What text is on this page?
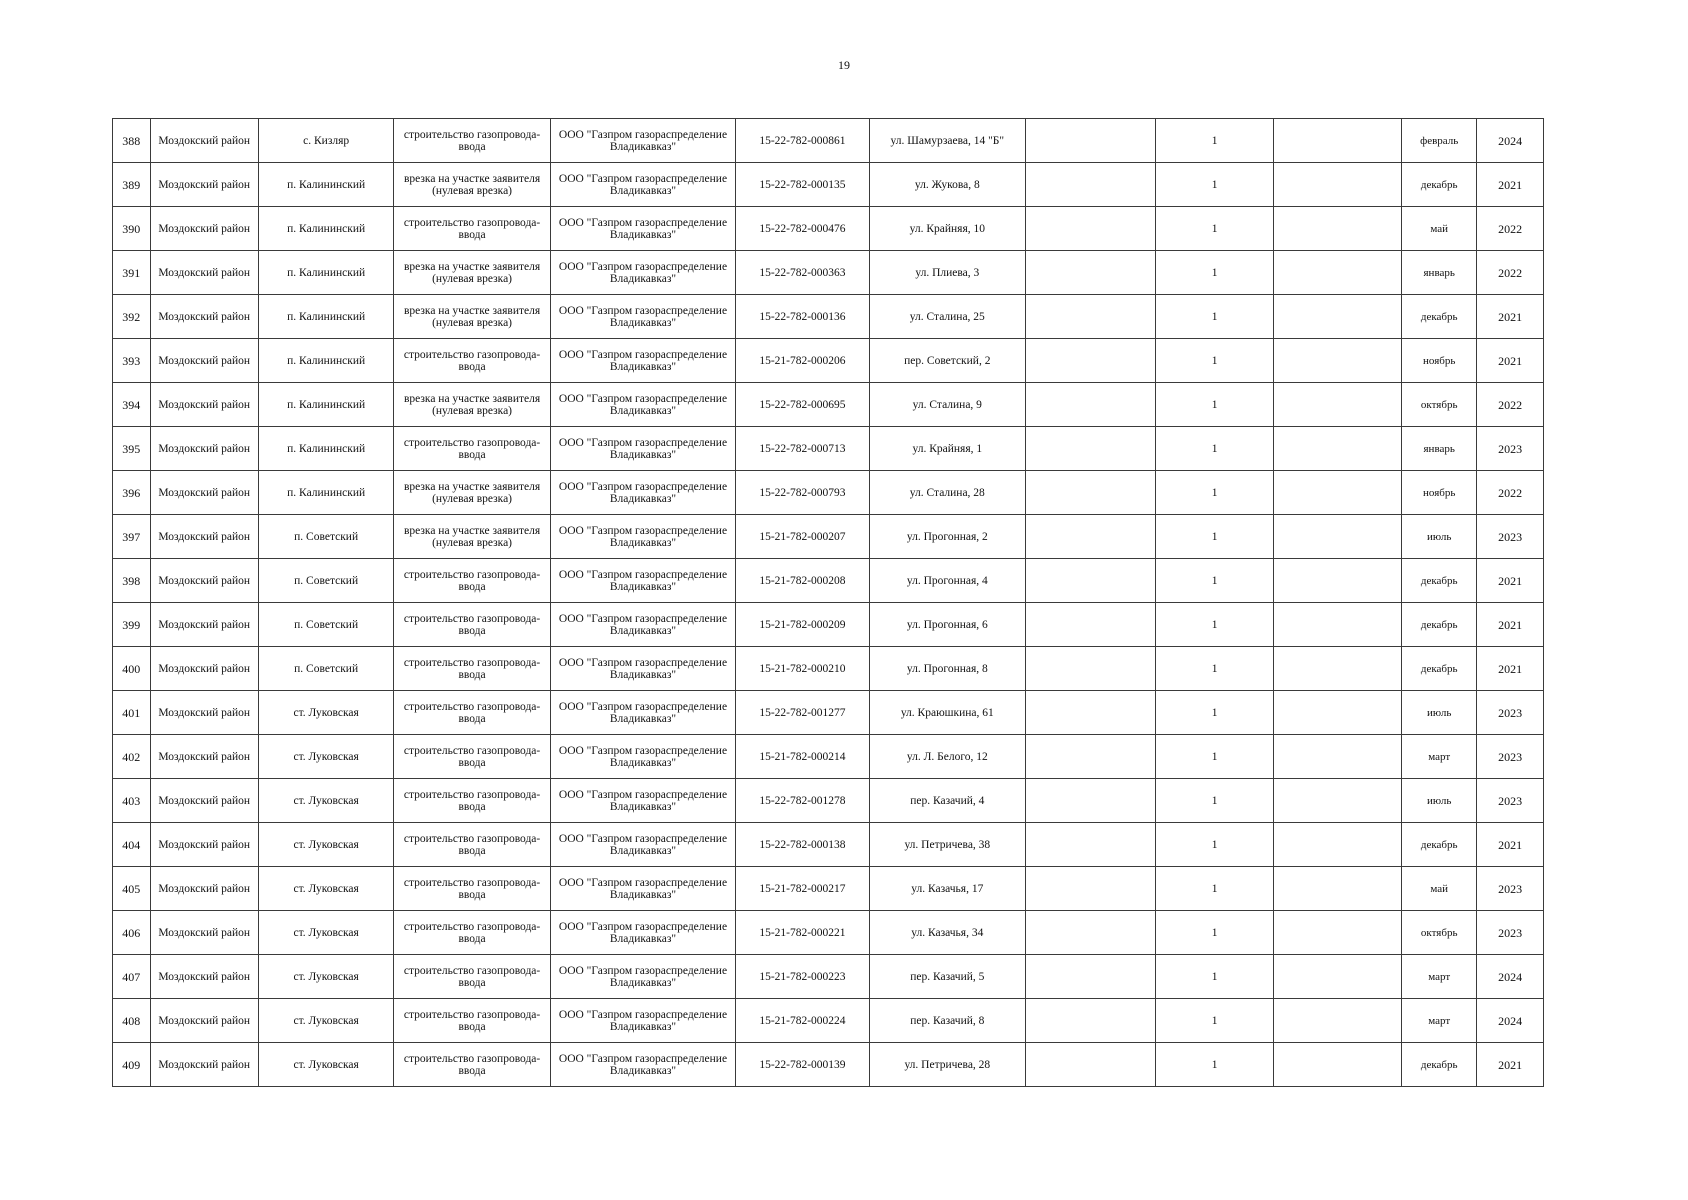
19
388	Моздокский район	с. Кизляр	строительство газопровода-ввода	ООО "Газпром газораспределение Владикавказ"	15-22-782-000861	ул. Шамурзаева, 14 "Б"		1		февраль	2024
389	Моздокский район	п. Калининский	врезка на участке заявителя (нулевая врезка)	ООО "Газпром газораспределение Владикавказ"	15-22-782-000135	ул. Жукова, 8		1		декабрь	2021
390	Моздокский район	п. Калининский	строительство газопровода-ввода	ООО "Газпром газораспределение Владикавказ"	15-22-782-000476	ул. Крайняя, 10		1		май	2022
391	Моздокский район	п. Калининский	врезка на участке заявителя (нулевая врезка)	ООО "Газпром газораспределение Владикавказ"	15-22-782-000363	ул. Плиева, 3		1		январь	2022
392	Моздокский район	п. Калининский	врезка на участке заявителя (нулевая врезка)	ООО "Газпром газораспределение Владикавказ"	15-22-782-000136	ул. Сталина, 25		1		декабрь	2021
393	Моздокский район	п. Калининский	строительство газопровода-ввода	ООО "Газпром газораспределение Владикавказ"	15-21-782-000206	пер. Советский, 2		1		ноябрь	2021
394	Моздокский район	п. Калининский	врезка на участке заявителя (нулевая врезка)	ООО "Газпром газораспределение Владикавказ"	15-22-782-000695	ул. Сталина, 9		1		октябрь	2022
395	Моздокский район	п. Калининский	строительство газопровода-ввода	ООО "Газпром газораспределение Владикавказ"	15-22-782-000713	ул. Крайняя, 1		1		январь	2023
396	Моздокский район	п. Калининский	врезка на участке заявителя (нулевая врезка)	ООО "Газпром газораспределение Владикавказ"	15-22-782-000793	ул. Сталина, 28		1		ноябрь	2022
397	Моздокский район	п. Советский	врезка на участке заявителя (нулевая врезка)	ООО "Газпром газораспределение Владикавказ"	15-21-782-000207	ул. Прогонная, 2		1		июль	2023
398	Моздокский район	п. Советский	строительство газопровода-ввода	ООО "Газпром газораспределение Владикавказ"	15-21-782-000208	ул. Прогонная, 4		1		декабрь	2021
399	Моздокский район	п. Советский	строительство газопровода-ввода	ООО "Газпром газораспределение Владикавказ"	15-21-782-000209	ул. Прогонная, 6		1		декабрь	2021
400	Моздокский район	п. Советский	строительство газопровода-ввода	ООО "Газпром газораспределение Владикавказ"	15-21-782-000210	ул. Прогонная, 8		1		декабрь	2021
401	Моздокский район	ст. Луковская	строительство газопровода-ввода	ООО "Газпром газораспределение Владикавказ"	15-22-782-001277	ул. Краюшкина, 61		1		июль	2023
402	Моздокский район	ст. Луковская	строительство газопровода-ввода	ООО "Газпром газораспределение Владикавказ"	15-21-782-000214	ул. Л. Белого, 12		1		март	2023
403	Моздокский район	ст. Луковская	строительство газопровода-ввода	ООО "Газпром газораспределение Владикавказ"	15-22-782-001278	пер. Казачий, 4		1		июль	2023
404	Моздокский район	ст. Луковская	строительство газопровода-ввода	ООО "Газпром газораспределение Владикавказ"	15-22-782-000138	ул. Петричева, 38		1		декабрь	2021
405	Моздокский район	ст. Луковская	строительство газопровода-ввода	ООО "Газпром газораспределение Владикавказ"	15-21-782-000217	ул. Казачья, 17		1		май	2023
406	Моздокский район	ст. Луковская	строительство газопровода-ввода	ООО "Газпром газораспределение Владикавказ"	15-21-782-000221	ул. Казачья, 34		1		октябрь	2023
407	Моздокский район	ст. Луковская	строительство газопровода-ввода	ООО "Газпром газораспределение Владикавказ"	15-21-782-000223	пер. Казачий, 5		1		март	2024
408	Моздокский район	ст. Луковская	строительство газопровода-ввода	ООО "Газпром газораспределение Владикавказ"	15-21-782-000224	пер. Казачий, 8		1		март	2024
409	Моздокский район	ст. Луковская	строительство газопровода-ввода	ООО "Газпром газораспределение Владикавказ"	15-22-782-000139	ул. Петричева, 28		1		декабрь	2021
